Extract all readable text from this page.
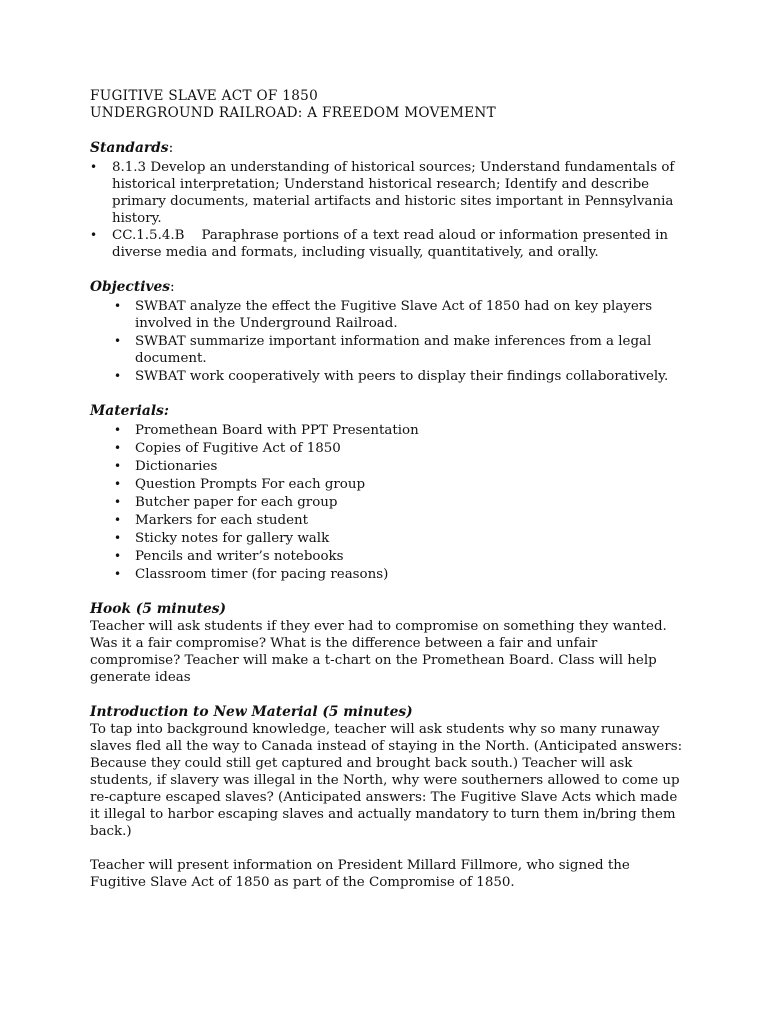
FUGITIVE SLAVE ACT OF 1850

UNDERGROUND RAILROAD: A FREEDOM MOVEMENT

Standards:

• 8.1.3 Develop an understanding of historical sources; Understand fundamentals of historical interpretation; Understand historical research; Identify and describe primary documents, material artifacts and historic sites important in Pennsylvania history.
• CC.1.5.4.B    Paraphrase portions of a text read aloud or information presented in diverse media and formats, including visually, quantitatively, and orally.

Objectives:

• SWBAT analyze the effect the Fugitive Slave Act of 1850 had on key players involved in the Underground Railroad.
• SWBAT summarize important information and make inferences from a legal document.
• SWBAT work cooperatively with peers to display their findings collaboratively.

Materials:

• Promethean Board with PPT Presentation
• Copies of Fugitive Act of 1850
• Dictionaries
• Question Prompts For each group
• Butcher paper for each group
• Markers for each student
• Sticky notes for gallery walk
• Pencils and writer’s notebooks
• Classroom timer (for pacing reasons)

Hook (5 minutes)

Teacher will ask students if they ever had to compromise on something they wanted. Was it a fair compromise? What is the difference between a fair and unfair compromise? Teacher will make a t-chart on the Promethean Board. Class will help generate ideas

Introduction to New Material (5 minutes)

To tap into background knowledge, teacher will ask students why so many runaway slaves fled all the way to Canada instead of staying in the North. (Anticipated answers: Because they could still get captured and brought back south.) Teacher will ask students, if slavery was illegal in the North, why were southerners allowed to come up re-capture escaped slaves? (Anticipated answers: The Fugitive Slave Acts which made it illegal to harbor escaping slaves and actually mandatory to turn them in/bring them back.)

Teacher will present information on President Millard Fillmore, who signed the Fugitive Slave Act of 1850 as part of the Compromise of 1850.
